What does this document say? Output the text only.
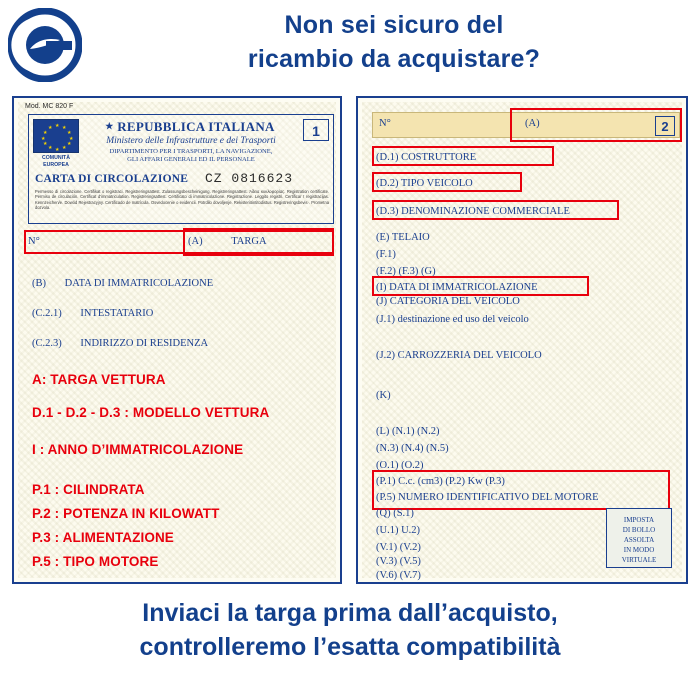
Non sei sicuro del
ricambio da acquistare?
Mod. MC 820 F
★
★ ★
★	★
★	★
★	★
★ ★
★
COMUNITÀ
EUROPEA
★ REPUBBLICA ITALIANA
Ministero delle Infrastrutture e dei Trasporti
DIPARTIMENTO PER I TRASPORTI, LA NAVIGAZIONE,
GLI AFFARI GENERALI ED IL PERSONALE
1
CARTA DI CIRCOLAZIONE CZ 0816623
Permesso di circolazione. Certifikat o registraci. Registreringsattest. Zulassungsbescheinigung. Registreringsattest. Άδεια κυκλοφορίας. Registration certificate. Permiso de circulación. Certificat d'immatriculation. Registreringsattest. Certificato di immatricolazione. Registrazione. Leggito registri. Certificar ī registracijas. Kennzeichen/e. Dowód Rejestracyjny. Certificado de matrícula. Osvedocenie o evidencii. Potrdilo dovoljenje. Rekisteriöintitodistus. Registreringsbevis·. Prometna dozvola.
N°	(A)	TARGA
(B) DATA DI IMMATRICOLAZIONE
(C.2.1) INTESTATARIO
(C.2.3) INDIRIZZO DI RESIDENZA
A: TARGA VETTURA
D.1 - D.2 - D.3 : MODELLO VETTURA
I : ANNO D’IMMATRICOLAZIONE
P.1 : CILINDRATA
P.2 : POTENZA IN KILOWATT
P.3 : ALIMENTAZIONE
P.5 : TIPO MOTORE
N°	(A)	2
(D.1) COSTRUTTORE
(D.2) TIPO VEICOLO
(D.3) DENOMINAZIONE COMMERCIALE
(E) TELAIO
(F.1)
(F.2) (F.3) (G)
(I) DATA DI IMMATRICOLAZIONE
(J) CATEGORIA DEL VEICOLO
(J.1) destinazione ed uso del veicolo
(J.2) CARROZZERIA DEL VEICOLO
(K)
(L) (N.1) (N.2)
(N.3) (N.4) (N.5)
(O.1) (O.2)
(P.1) C.c. (cm3) (P.2) Kw (P.3)
(P.5) NUMERO IDENTIFICATIVO DEL MOTORE
(Q) (S.1)
(U.1) U.2)
(V.1) (V.2)
(V.3) (V.5)
(V.6) (V.7)
IMPOSTA
DI BOLLO
ASSOLTA
IN MODO
VIRTUALE
Inviaci la targa prima dall’acquisto,
controlleremo l’esatta compatibilità
